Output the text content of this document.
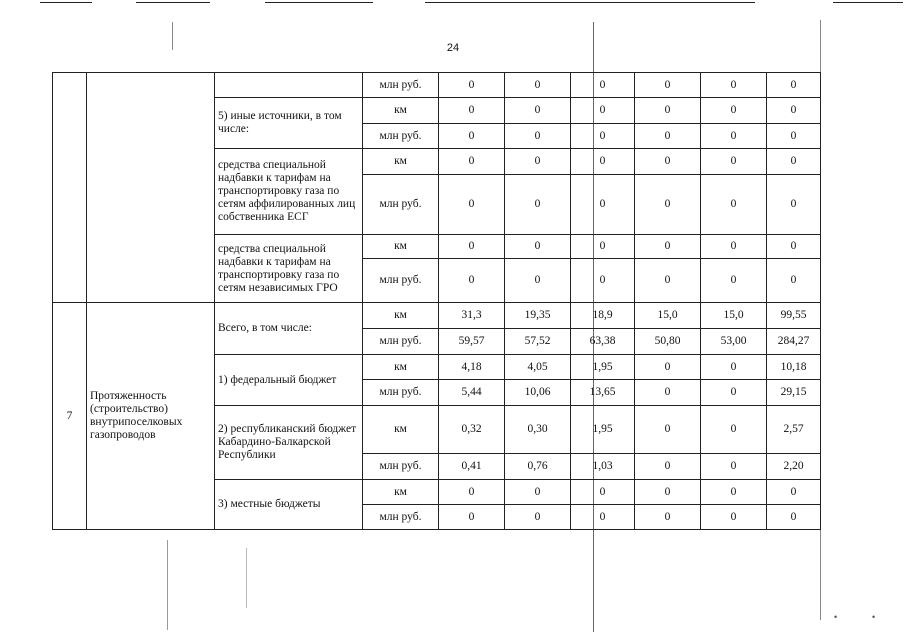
24
			млн руб.	0	0	0	0	0	0
		5) иные источники, в том числе:	км	0	0	0	0	0	0
			млн руб.	0	0	0	0	0	0
		средства специальной надбавки к тарифам на транспортировку газа по сетям аффилированных лиц собственника ЕСГ	км	0	0	0	0	0	0
			млн руб.	0	0	0	0	0	0
		средства специальной надбавки к тарифам на транспортировку газа по сетям независимых ГРО	км	0	0	0	0	0	0
			млн руб.	0	0	0	0	0	0
7	Протяженность (строительство) внутрипоселковых газопроводов	Всего, в том числе:	км	31,3	19,35	18,9	15,0	15,0	99,55
			млн руб.	59,57	57,52	63,38	50,80	53,00	284,27
		1) федеральный бюджет	км	4,18	4,05	1,95	0	0	10,18
			млн руб.	5,44	10,06	13,65	0	0	29,15
		2) республиканский бюджет Кабардино-Балкарской Республики	км	0,32	0,30	1,95	0	0	2,57
			млн руб.	0,41	0,76	1,03	0	0	2,20
		3) местные бюджеты	км	0	0	0	0	0	0
			млн руб.	0	0	0	0	0	0
•	•
